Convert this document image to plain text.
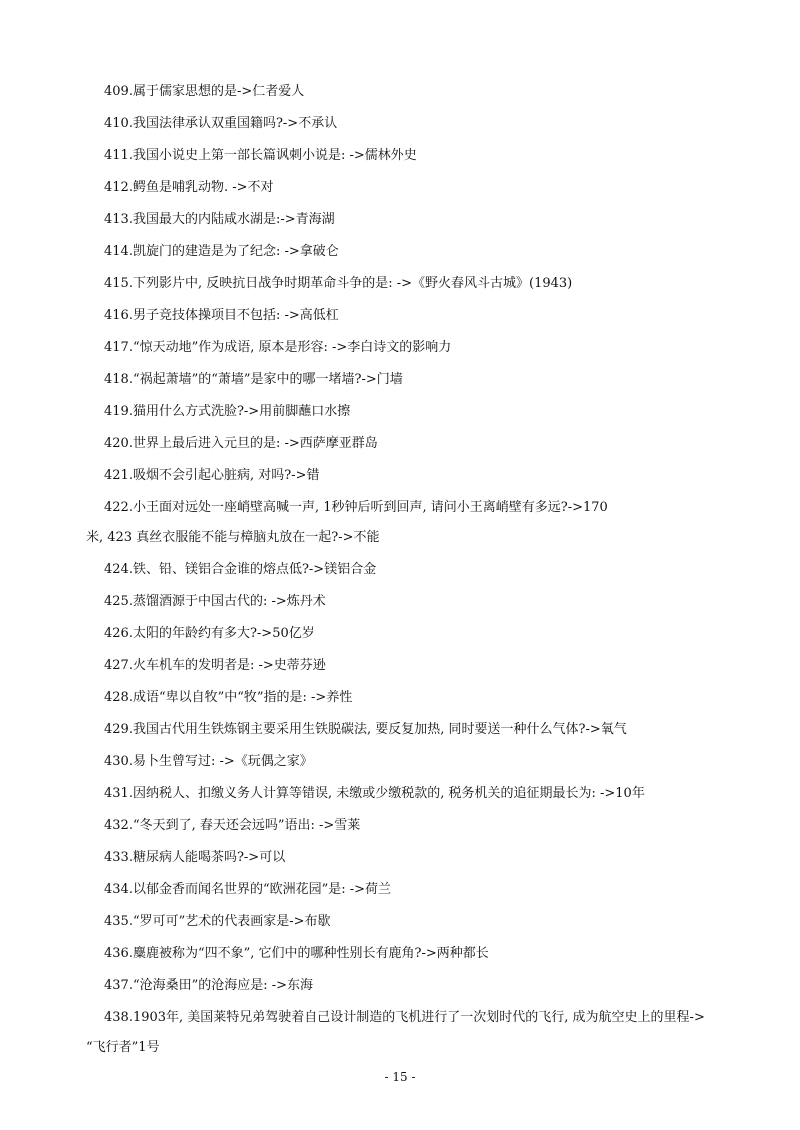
409.属于儒家思想的是->仁者爱人
410.我国法律承认双重国籍吗?->不承认
411.我国小说史上第一部长篇讽刺小说是: ->儒林外史
412.鳄鱼是哺乳动物. ->不对
413.我国最大的内陆咸水湖是:->青海湖
414.凯旋门的建造是为了纪念: ->拿破仑
415.下列影片中, 反映抗日战争时期革命斗争的是: ->《野火春风斗古城》(1943)
416.男子竞技体操项目不包括: ->高低杠
417.“惊天动地”作为成语, 原本是形容: ->李白诗文的影响力
418.“祸起萧墙”的“萧墙”是家中的哪一堵墙?->门墙
419.猫用什么方式洗脸?->用前脚蘸口水擦
420.世界上最后进入元旦的是: ->西萨摩亚群岛
421.吸烟不会引起心脏病, 对吗?->错
422.小王面对远处一座峭壁高喊一声, 1秒钟后听到回声, 请问小王离峭壁有多远?->170
米, 423 真丝衣服能不能与樟脑丸放在一起?->不能
424.铁、铅、镁铝合金谁的熔点低?->镁铝合金
425.蒸馏酒源于中国古代的: ->炼丹术
426.太阳的年龄约有多大?->50亿岁
427.火车机车的发明者是: ->史蒂芬逊
428.成语“卑以自牧”中“牧”指的是: ->养性
429.我国古代用生铁炼钢主要采用生铁脱碳法, 要反复加热, 同时要送一种什么气体?->氧气
430.易卜生曾写过: ->《玩偶之家》
431.因纳税人、扣缴义务人计算等错误, 未缴或少缴税款的, 税务机关的追征期最长为: ->10年
432.“冬天到了, 春天还会远吗”语出: ->雪莱
433.糖尿病人能喝茶吗?->可以
434.以郁金香而闻名世界的“欧洲花园”是: ->荷兰
435.“罗可可”艺术的代表画家是->布歇
436.麋鹿被称为“四不象”, 它们中的哪种性别长有鹿角?->两种都长
437.“沧海桑田”的沧海应是: ->东海
438.1903年, 美国莱特兄弟驾驶着自己设计制造的飞机进行了一次划时代的飞行, 成为航空史上的里程->
“飞行者”1号
- 15 -
